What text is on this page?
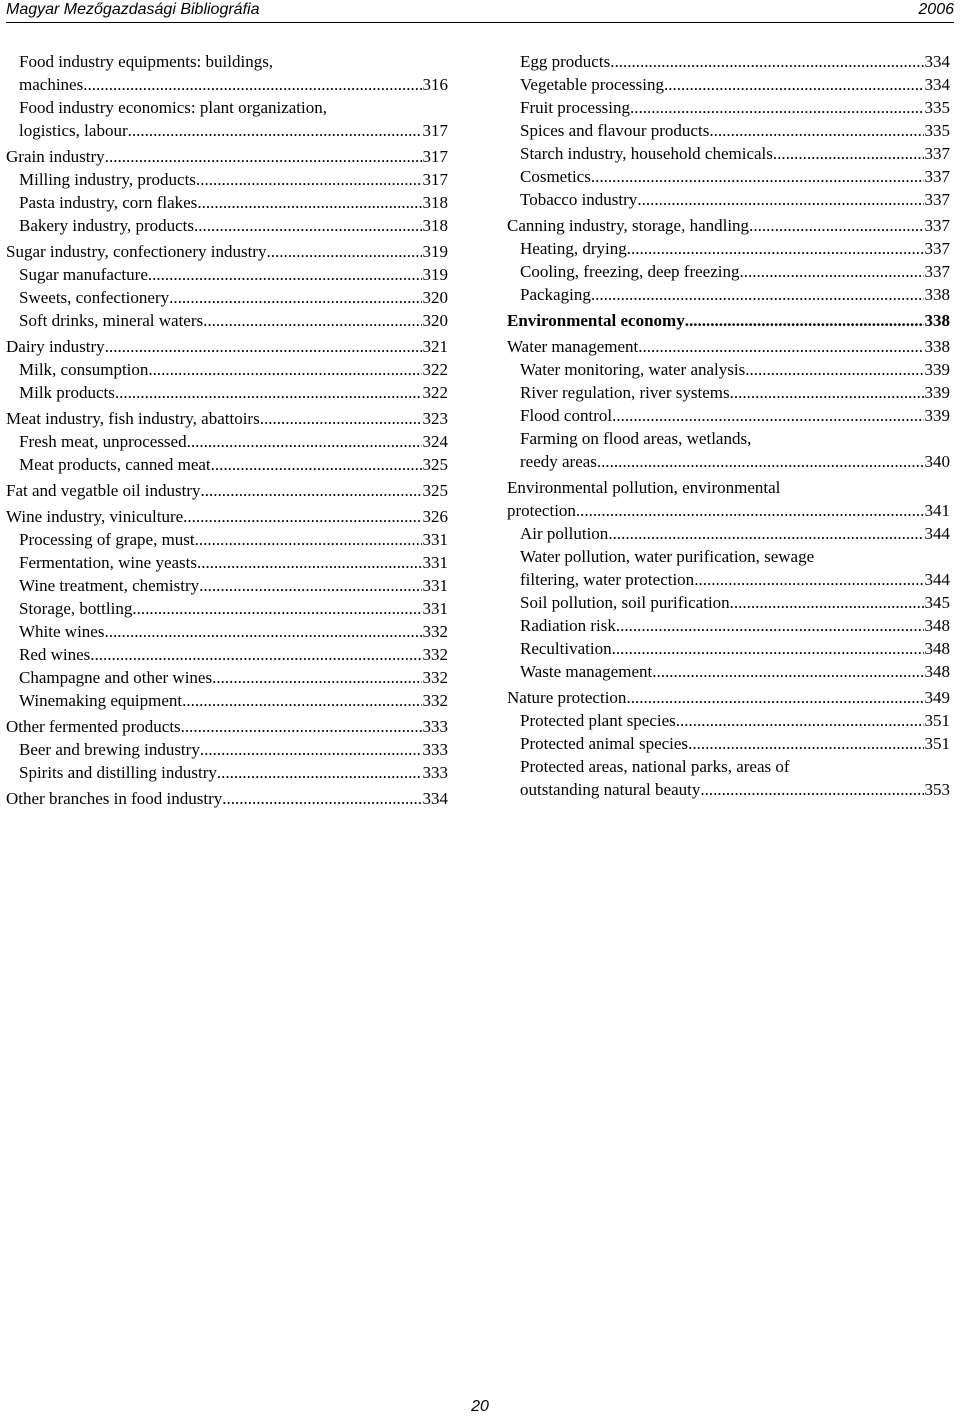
Magyar Mezőgazdasági Bibliográfia	2006
Food industry equipments: buildings,
machines. .....	316
Food industry economics: plant organization,
logistics, labour .....	317
Grain industry .....	317
Milling industry, products .....	317
Pasta industry, corn flakes .....	318
Bakery industry, products .....	318
Sugar industry, confectionery industry .....	319
Sugar manufacture .....	319
Sweets, confectionery .....	320
Soft drinks, mineral waters .....	320
Dairy industry .....	321
Milk, consumption .....	322
Milk products .....	322
Meat industry, fish industry, abattoirs .....	323
Fresh meat, unprocessed .....	324
Meat products, canned meat .....	325
Fat and vegatble oil industry .....	325
Wine industry, viniculture .....	326
Processing of grape, must .....	331
Fermentation, wine yeasts .....	331
Wine treatment, chemistry .....	331
Storage, bottling .....	331
White wines .....	332
Red wines .....	332
Champagne and other wines .....	332
Winemaking equipment .....	332
Other fermented products .....	333
Beer and brewing industry .....	333
Spirits and distilling industry .....	333
Other branches in food industry .....	334
Egg products .....	334
Vegetable processing .....	334
Fruit processing .....	335
Spices and flavour products .....	335
Starch industry, household chemicals .....	337
Cosmetics .....	337
Tobacco industry .....	337
Canning industry, storage, handling .....	337
Heating, drying .....	337
Cooling, freezing, deep freezing .....	337
Packaging .....	338
Environmental economy .....	338
Water management .....	338
Water monitoring, water analysis .....	339
River regulation, river systems .....	339
Flood control .....	339
Farming on flood areas, wetlands,
reedy areas. .....	340
Environmental pollution, environmental
protection .....	341
Air pollution .....	344
Water pollution, water purification, sewage
filtering, water protection .....	344
Soil pollution, soil purification .....	345
Radiation risk .....	348
Recultivation .....	348
Waste management .....	348
Nature protection .....	349
Protected plant species .....	351
Protected animal species .....	351
Protected areas, national parks, areas of
outstanding natural beauty .....	353
20
